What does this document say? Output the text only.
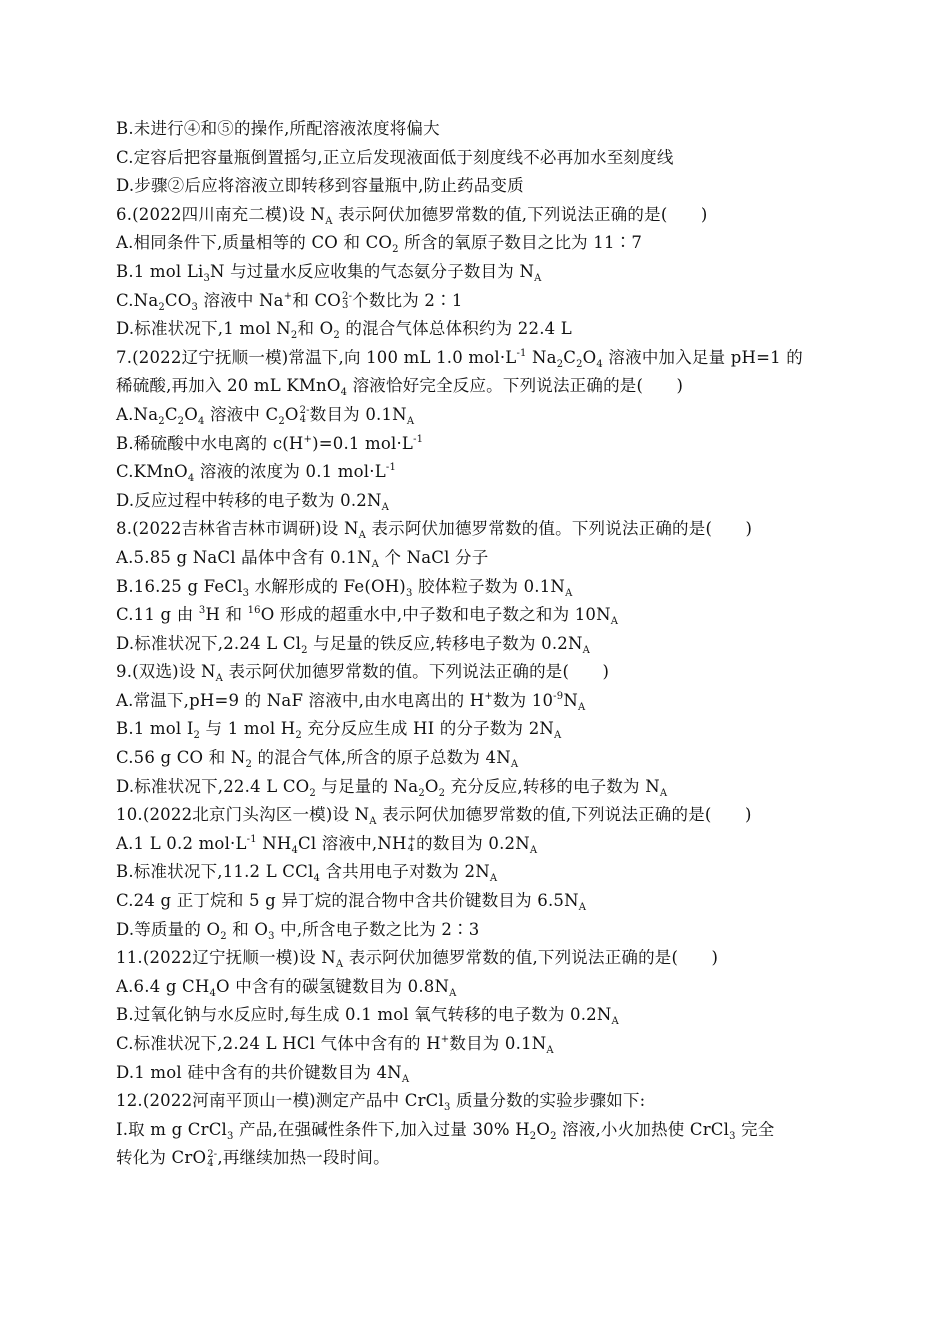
B.未进行④和⑤的操作,所配溶液浓度将偏大
C.定容后把容量瓶倒置摇匀,正立后发现液面低于刻度线不必再加水至刻度线
D.步骤②后应将溶液立即转移到容量瓶中,防止药品变质
6.(2022四川南充二模)设 $N_A$ 表示阿伏加德罗常数的值,下列说法正确的是(　　)
A.相同条件下,质量相等的 CO 和 $CO_2$ 所含的氧原子数目之比为 11∶7
B.1 mol $Li_3N$ 与过量水反应收集的气态氨分子数目为 $N_A$
$C.Na_2CO_3$ 溶液中 Na+和 CO 2-
3 个数比为 2∶1
D.标准状况下,1 mol $N_2$和 $O_2$ 的混合气体总体积约为 22.4 L
7.(2022辽宁抚顺一模)常温下,向 100 mL 1.0 $mol\cdot L^{-1}$ $Na_2C_2O_4$ 溶液中加入足量 pH=1 的
稀硫酸,再加入 20 mL KMnO$_4$ 溶液恰好完全反应。下列说法正确的是(　　)
$A.Na_2C_2O_4$ 溶液中 $C_2O$ 2-
4 数目为 $0.1N_A$
B.稀硫酸中水电离的 c(H+)=0.1 $mol\cdot L^{-1}$
C.KMnO$_4$ 溶液的浓度为 0.1 $mol\cdot L^{-1}$
D.反应过程中转移的电子数为 $0.2N_A$
8.(2022吉林省吉林市调研)设 $N_A$ 表示阿伏加德罗常数的值。下列说法正确的是(　　)
A.5.85 g NaCl 晶体中含有 $0.1N_A$ 个 NaCl 分子
B.16.25 g FeCl$_3$ 水解形成的 $Fe(OH)_3$ 胶体粒子数为 $0.1N_A$
C.11 g 由 $^3$H 和 $^{16}$O 形成的超重水中,中子数和电子数之和为 $10N_A$
D.标准状况下,2.24 L $Cl_2$ 与足量的铁反应,转移电子数为 $0.2N_A$
9.(双选)设 $N_A$ 表示阿伏加德罗常数的值。下列说法正确的是(　　)
A.常温下,pH=9 的 NaF 溶液中,由水电离出的 H+数为 $10^{-9}N_A$
B.1 mol $I_2$ 与 1 mol $H_2$ 充分反应生成 HI 的分子数为 $2N_A$
C.56 g CO 和 $N_2$ 的混合气体,所含的原子总数为 $4N_A$
D.标准状况下,22.4 L $CO_2$ 与足量的 $Na_2O_2$ 充分反应,转移的电子数为 $N_A$
10.(2022北京门头沟区一模)设 $N_A$ 表示阿伏加德罗常数的值,下列说法正确的是(　　)
A.1 L 0.2 $mol\cdot L^{-1}$ $NH_4Cl$ 溶液中,NH +
4 的数目为 $0.2N_A$
B.标准状况下,11.2 L CCl$_4$ 含共用电子对数为 $2N_A$
C.24 g 正丁烷和 5 g 异丁烷的混合物中含共价键数目为 $6.5N_A$
D.等质量的 $O_2$ 和 $O_3$ 中,所含电子数之比为 2∶3
11.(2022辽宁抚顺一模)设 $N_A$ 表示阿伏加德罗常数的值,下列说法正确的是(　　)
A.6.4 g $CH_4O$ 中含有的碳氢键数目为 $0.8N_A$
B.过氧化钠与水反应时,每生成 0.1 mol 氧气转移的电子数为 $0.2N_A$
C.标准状况下,2.24 L HCl 气体中含有的 H+数目为 $0.1N_A$
D.1 mol 硅中含有的共价键数目为 $4N_A$
12.(2022河南平顶山一模)测定产品中 CrCl$_3$ 质量分数的实验步骤如下:
Ⅰ.取 m g CrCl$_3$ 产品,在强碱性条件下,加入过量 30% $H_2O_2$ 溶液,小火加热使 CrCl$_3$ 完全
转化为 CrO 2-
4 ,再继续加热一段时间。
